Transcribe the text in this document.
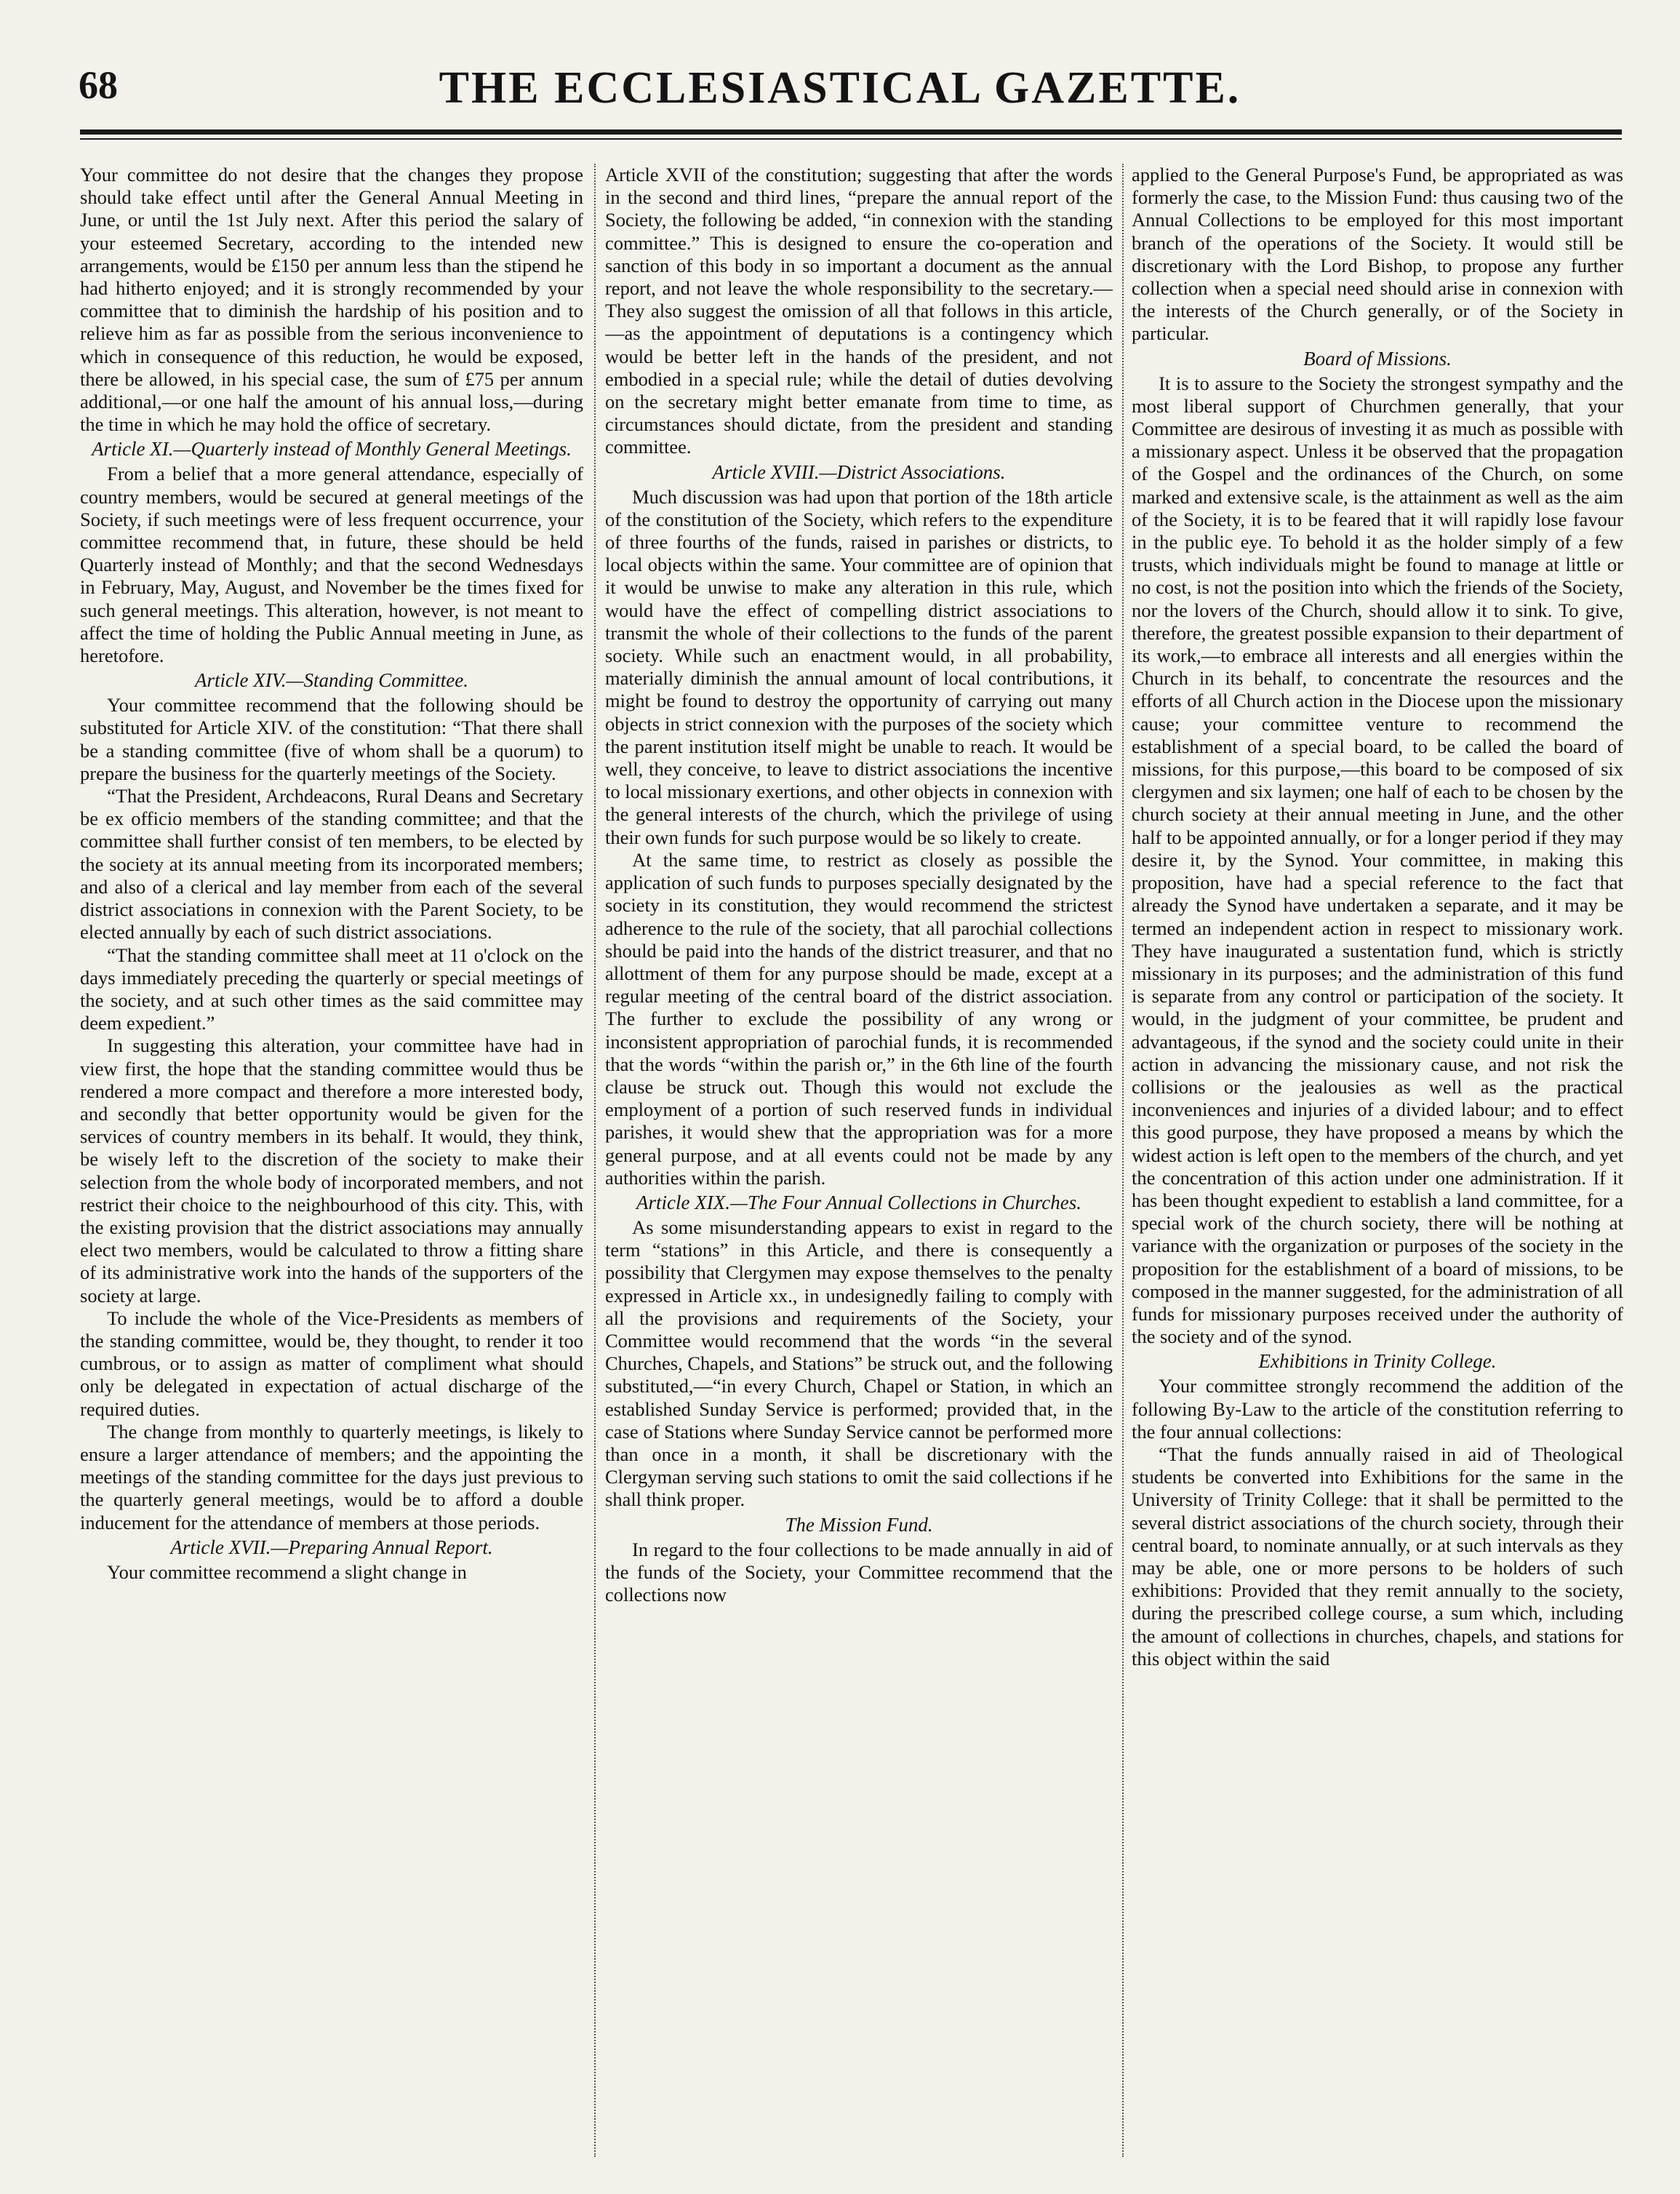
68	THE ECCLESIASTICAL GAZETTE.

Your committee do not desire that the changes they propose should take effect until after the General Annual Meeting in June, or until the 1st July next. After this period the salary of your esteemed Secretary, according to the intended new arrangements, would be £150 per annum less than the stipend he had hitherto enjoyed; and it is strongly recommended by your committee that to diminish the hardship of his position and to relieve him as far as possible from the serious inconvenience to which in consequence of this reduction, he would be exposed, there be allowed, in his special case, the sum of £75 per annum additional,—or one half the amount of his annual loss,—during the time in which he may hold the office of secretary.

Article XI.—Quarterly instead of Monthly General Meetings.

From a belief that a more general attendance, especially of country members, would be secured at general meetings of the Society, if such meetings were of less frequent occurrence, your committee recommend that, in future, these should be held Quarterly instead of Monthly; and that the second Wednesdays in February, May, August, and November be the times fixed for such general meetings. This alteration, however, is not meant to affect the time of holding the Public Annual meeting in June, as heretofore.

Article XIV.—Standing Committee.

Your committee recommend that the following should be substituted for Article XIV. of the constitution: “That there shall be a standing committee (five of whom shall be a quorum) to prepare the business for the quarterly meetings of the Society.

“That the President, Archdeacons, Rural Deans and Secretary be ex officio members of the standing committee; and that the committee shall further consist of ten members, to be elected by the society at its annual meeting from its incorporated members; and also of a clerical and lay member from each of the several district associations in connexion with the Parent Society, to be elected annually by each of such district associations.

“That the standing committee shall meet at 11 o'clock on the days immediately preceding the quarterly or special meetings of the society, and at such other times as the said committee may deem expedient.”

In suggesting this alteration, your committee have had in view first, the hope that the standing committee would thus be rendered a more compact and therefore a more interested body, and secondly that better opportunity would be given for the services of country members in its behalf. It would, they think, be wisely left to the discretion of the society to make their selection from the whole body of incorporated members, and not restrict their choice to the neighbourhood of this city. This, with the existing provision that the district associations may annually elect two members, would be calculated to throw a fitting share of its administrative work into the hands of the supporters of the society at large.

To include the whole of the Vice-Presidents as members of the standing committee, would be, they thought, to render it too cumbrous, or to assign as matter of compliment what should only be delegated in expectation of actual discharge of the required duties.

The change from monthly to quarterly meetings, is likely to ensure a larger attendance of members; and the appointing the meetings of the standing committee for the days just previous to the quarterly general meetings, would be to afford a double inducement for the attendance of members at those periods.

Article XVII.—Preparing Annual Report.

Your committee recommend a slight change in

Article XVII of the constitution; suggesting that after the words in the second and third lines, “prepare the annual report of the Society, the following be added, “in connexion with the standing committee.” This is designed to ensure the co-operation and sanction of this body in so important a document as the annual report, and not leave the whole responsibility to the secretary.— They also suggest the omission of all that follows in this article,—as the appointment of deputations is a contingency which would be better left in the hands of the president, and not embodied in a special rule; while the detail of duties devolving on the secretary might better emanate from time to time, as circumstances should dictate, from the president and standing committee.

Article XVIII.—District Associations.

Much discussion was had upon that portion of the 18th article of the constitution of the Society, which refers to the expenditure of three fourths of the funds, raised in parishes or districts, to local objects within the same. Your committee are of opinion that it would be unwise to make any alteration in this rule, which would have the effect of compelling district associations to transmit the whole of their collections to the funds of the parent society. While such an enactment would, in all probability, materially diminish the annual amount of local contributions, it might be found to destroy the opportunity of carrying out many objects in strict connexion with the purposes of the society which the parent institution itself might be unable to reach. It would be well, they conceive, to leave to district associations the incentive to local missionary exertions, and other objects in connexion with the general interests of the church, which the privilege of using their own funds for such purpose would be so likely to create.

At the same time, to restrict as closely as possible the application of such funds to purposes specially designated by the society in its constitution, they would recommend the strictest adherence to the rule of the society, that all parochial collections should be paid into the hands of the district treasurer, and that no allottment of them for any purpose should be made, except at a regular meeting of the central board of the district association. The further to exclude the possibility of any wrong or inconsistent appropriation of parochial funds, it is recommended that the words “within the parish or,” in the 6th line of the fourth clause be struck out. Though this would not exclude the employment of a portion of such reserved funds in individual parishes, it would shew that the appropriation was for a more general purpose, and at all events could not be made by any authorities within the parish.

Article XIX.—The Four Annual Collections in Churches.

As some misunderstanding appears to exist in regard to the term “stations” in this Article, and there is consequently a possibility that Clergymen may expose themselves to the penalty expressed in Article xx., in undesignedly failing to comply with all the provisions and requirements of the Society, your Committee would recommend that the words “in the several Churches, Chapels, and Stations” be struck out, and the following substituted,—“in every Church, Chapel or Station, in which an established Sunday Service is performed; provided that, in the case of Stations where Sunday Service cannot be performed more than once in a month, it shall be discretionary with the Clergyman serving such stations to omit the said collections if he shall think proper.

The Mission Fund.

In regard to the four collections to be made annually in aid of the funds of the Society, your Committee recommend that the collections now

applied to the General Purpose's Fund, be appropriated as was formerly the case, to the Mission Fund: thus causing two of the Annual Collections to be employed for this most important branch of the operations of the Society. It would still be discretionary with the Lord Bishop, to propose any further collection when a special need should arise in connexion with the interests of the Church generally, or of the Society in particular.

Board of Missions.

It is to assure to the Society the strongest sympathy and the most liberal support of Churchmen generally, that your Committee are desirous of investing it as much as possible with a missionary aspect. Unless it be observed that the propagation of the Gospel and the ordinances of the Church, on some marked and extensive scale, is the attainment as well as the aim of the Society, it is to be feared that it will rapidly lose favour in the public eye. To behold it as the holder simply of a few trusts, which individuals might be found to manage at little or no cost, is not the position into which the friends of the Society, nor the lovers of the Church, should allow it to sink. To give, therefore, the greatest possible expansion to their department of its work,—to embrace all interests and all energies within the Church in its behalf, to concentrate the resources and the efforts of all Church action in the Diocese upon the missionary cause; your committee venture to recommend the establishment of a special board, to be called the board of missions, for this purpose,—this board to be composed of six clergymen and six laymen; one half of each to be chosen by the church society at their annual meeting in June, and the other half to be appointed annually, or for a longer period if they may desire it, by the Synod. Your committee, in making this proposition, have had a special reference to the fact that already the Synod have undertaken a separate, and it may be termed an independent action in respect to missionary work. They have inaugurated a sustentation fund, which is strictly missionary in its purposes; and the administration of this fund is separate from any control or participation of the society. It would, in the judgment of your committee, be prudent and advantageous, if the synod and the society could unite in their action in advancing the missionary cause, and not risk the collisions or the jealousies as well as the practical inconveniences and injuries of a divided labour; and to effect this good purpose, they have proposed a means by which the widest action is left open to the members of the church, and yet the concentration of this action under one administration. If it has been thought expedient to establish a land committee, for a special work of the church society, there will be nothing at variance with the organization or purposes of the society in the proposition for the establishment of a board of missions, to be composed in the manner suggested, for the administration of all funds for missionary purposes received under the authority of the society and of the synod.

Exhibitions in Trinity College.

Your committee strongly recommend the addition of the following By-Law to the article of the constitution referring to the four annual collections:

“That the funds annually raised in aid of Theological students be converted into Exhibitions for the same in the University of Trinity College: that it shall be permitted to the several district associations of the church society, through their central board, to nominate annually, or at such intervals as they may be able, one or more persons to be holders of such exhibitions: Provided that they remit annually to the society, during the prescribed college course, a sum which, including the amount of collections in churches, chapels, and stations for this object within the said
